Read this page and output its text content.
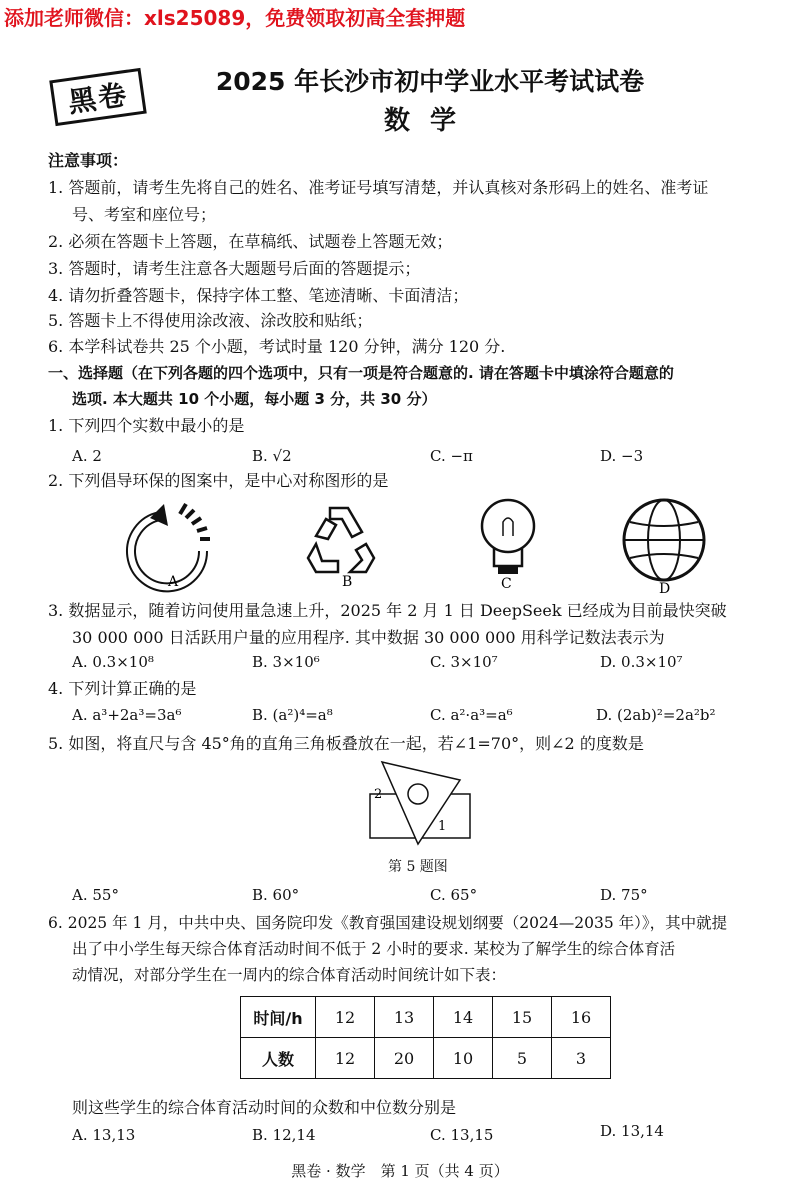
添加老师微信：xls25089，免费领取初高全套押题
黑卷	2025 年长沙市初中学业水平考试试卷
数学
注意事项：
1. 答题前，请考生先将自己的姓名、准考证号填写清楚，并认真核对条形码上的姓名、准考证
号、考室和座位号；
2. 必须在答题卡上答题，在草稿纸、试题卷上答题无效；
3. 答题时，请考生注意各大题题号后面的答题提示；
4. 请勿折叠答题卡，保持字体工整、笔迹清晰、卡面清洁；
5. 答题卡上不得使用涂改液、涂改胶和贴纸；
6. 本学科试卷共 25 个小题，考试时量 120 分钟，满分 120 分.
一、选择题（在下列各题的四个选项中，只有一项是符合题意的. 请在答题卡中填涂符合题意的
选项. 本大题共 10 个小题，每小题 3 分，共 30 分）
1. 下列四个实数中最小的是
A. 2	B. √2	C. −π	D. −3
2. 下列倡导环保的图案中，是中心对称图形的是
A	B	C	D
3. 数据显示，随着访问使用量急速上升，2025 年 2 月 1 日 DeepSeek 已经成为目前最快突破
30 000 000 日活跃用户量的应用程序. 其中数据 30 000 000 用科学记数法表示为
A. 0.3×10⁸	B. 3×10⁶	C. 3×10⁷	D. 0.3×10⁷
4. 下列计算正确的是
A. a³+2a³=3a⁶	B. (a²)⁴=a⁸	C. a²·a³=a⁶	D. (2ab)²=2a²b²
5. 如图，将直尺与含 45°角的直角三角板叠放在一起，若∠1=70°，则∠2 的度数是
2
1
第 5 题图
A. 55°	B. 60°	C. 65°	D. 75°
6. 2025 年 1 月，中共中央、国务院印发《教育强国建设规划纲要（2024—2035 年）》，其中就提
出了中小学生每天综合体育活动时间不低于 2 小时的要求. 某校为了解学生的综合体育活
动情况，对部分学生在一周内的综合体育活动时间统计如下表：
时间/h	12	13	14	15	16
人数	12	20	10	5	3
则这些学生的综合体育活动时间的众数和中位数分别是
A. 13,13	B. 12,14	C. 13,15	D. 13,14
黑卷 · 数学　第 1 页（共 4 页）
